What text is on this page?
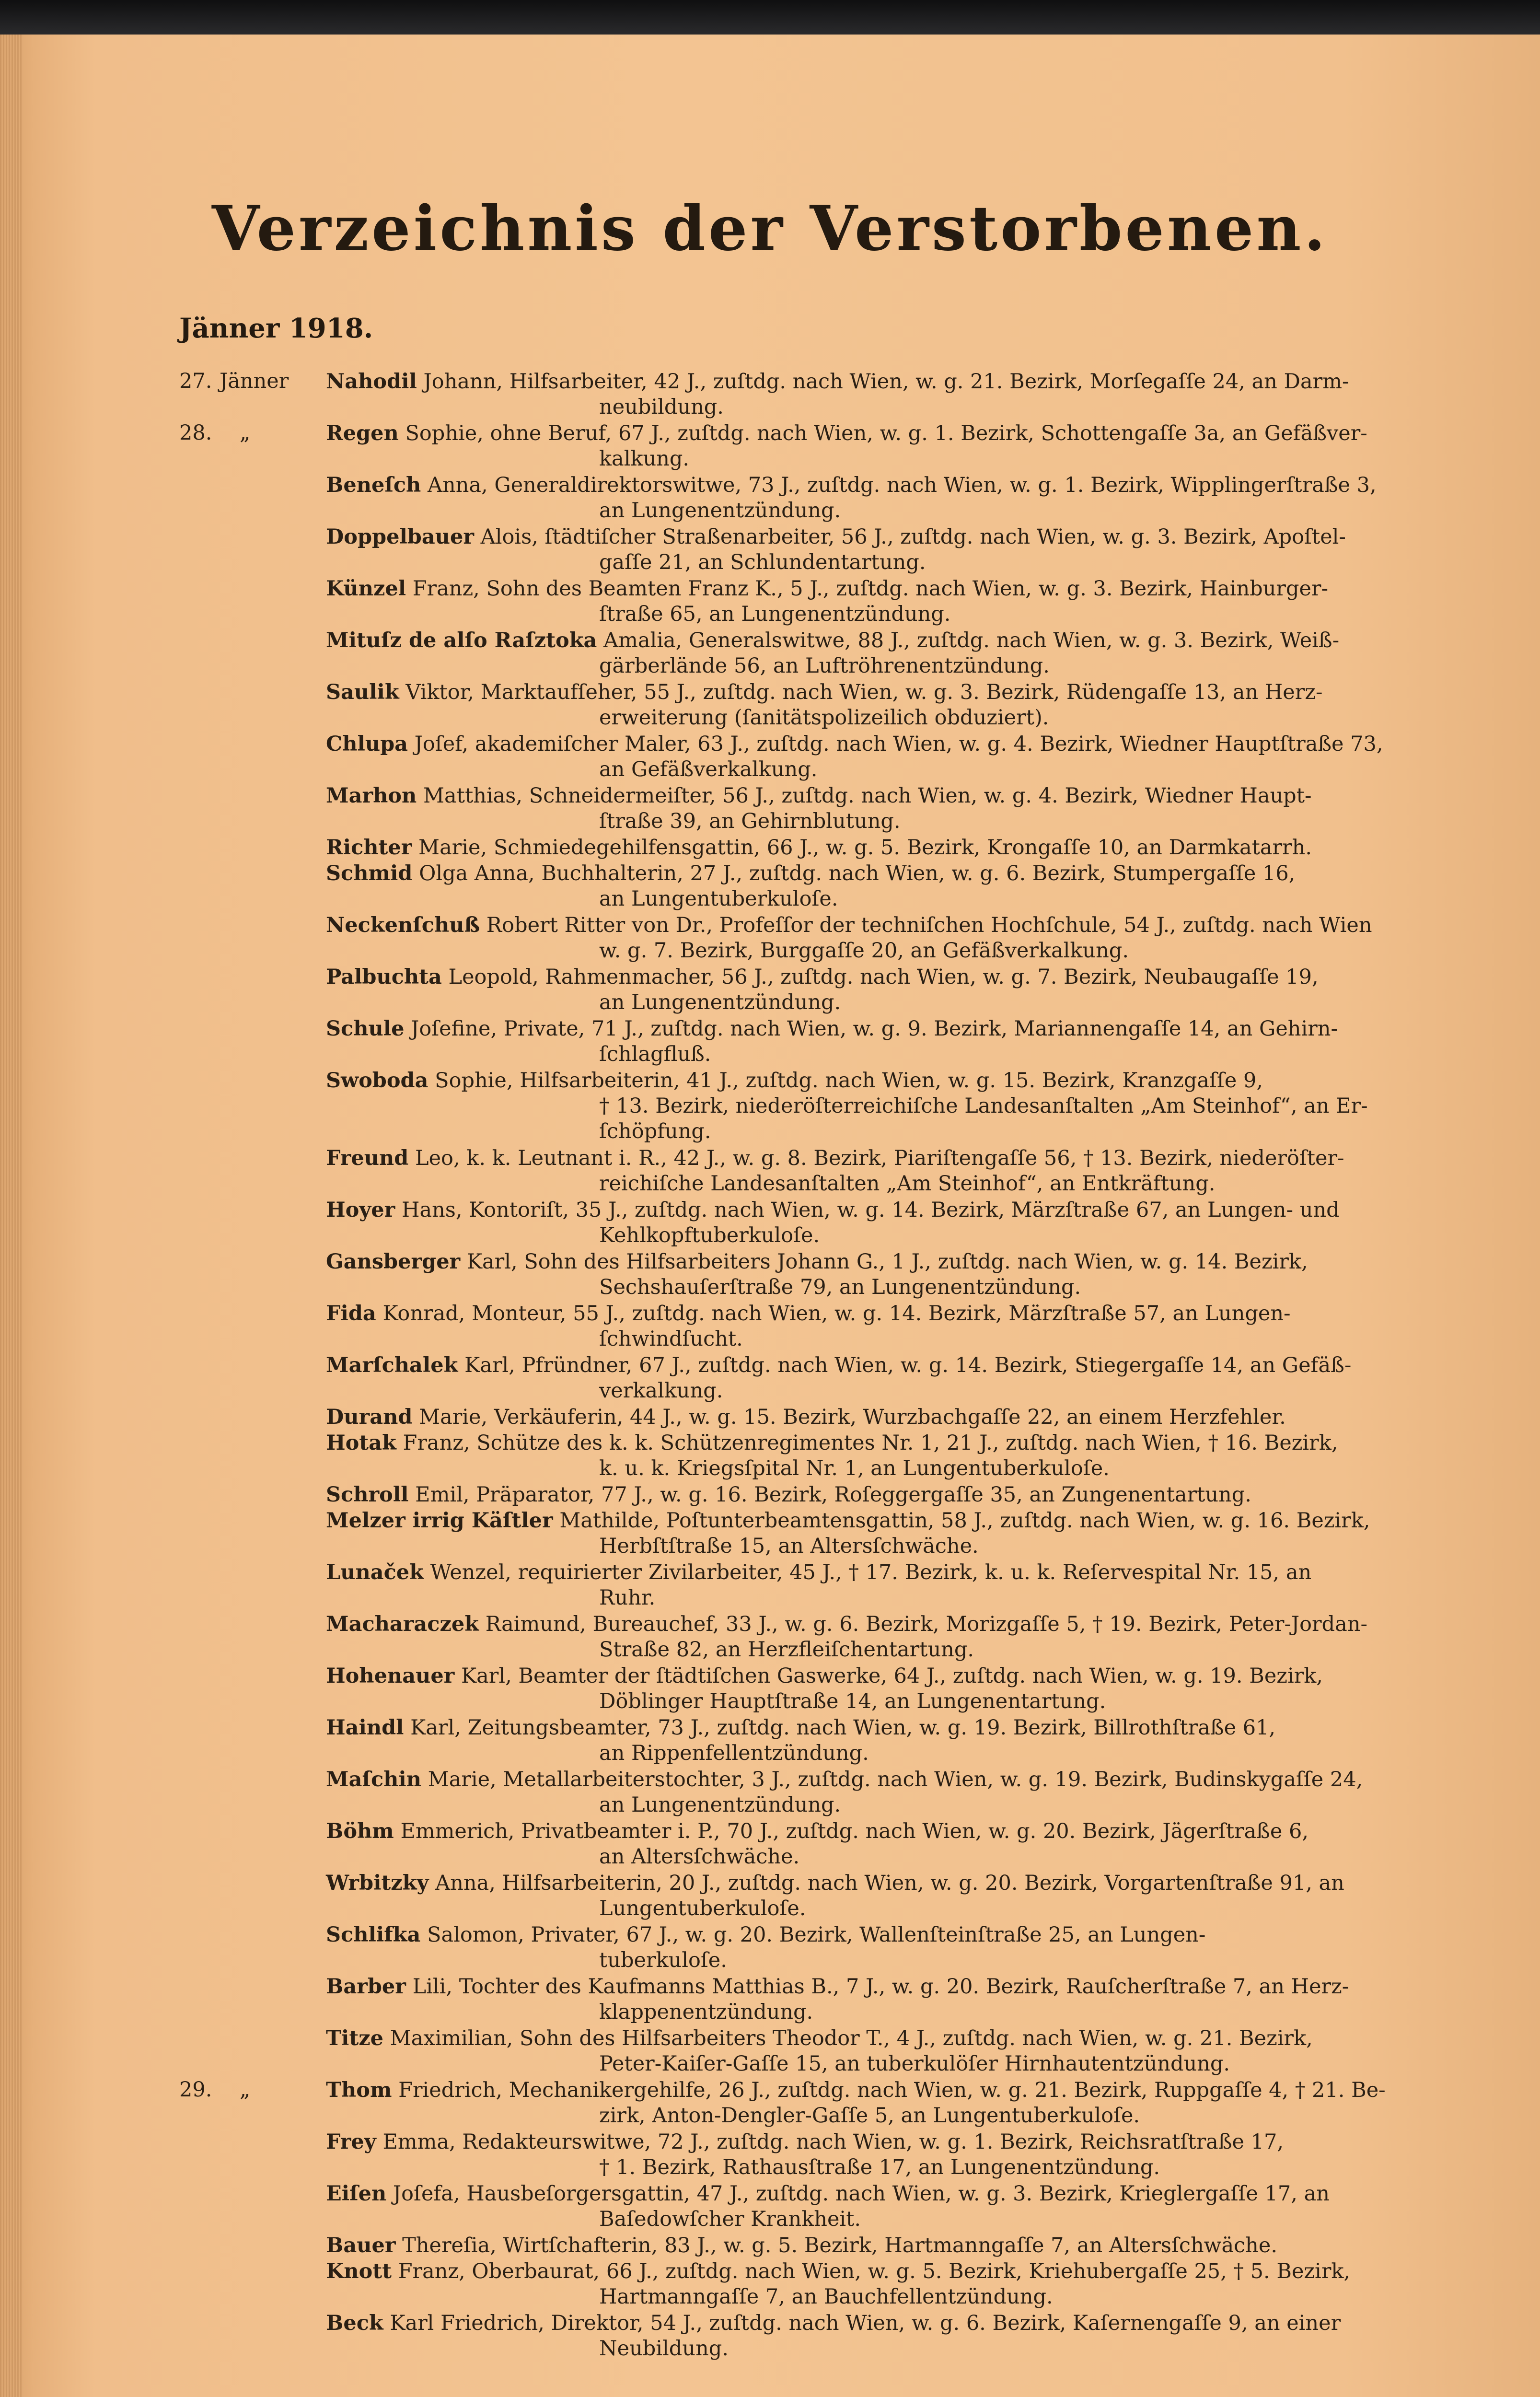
Verzeichnis der Verstorbenen.
Jänner 1918.
Nahodil Johann, Hilfsarbeiter, 42 J., zuſtdg. nach Wien, w. g. 21. Bezirk, Morſegaſſe 24, an Darm-
neubildung.
Regen Sophie, ohne Beruf, 67 J., zuſtdg. nach Wien, w. g. 1. Bezirk, Schottengaſſe 3a, an Gefäßver-
kalkung.
Beneſch Anna, Generaldirektorswitwe, 73 J., zuſtdg. nach Wien, w. g. 1. Bezirk, Wipplingerſtraße 3,
an Lungenentzündung.
Doppelbauer Alois, ſtädtiſcher Straßenarbeiter, 56 J., zuſtdg. nach Wien, w. g. 3. Bezirk, Apoſtel-
gaſſe 21, an Schlundentartung.
Künzel Franz, Sohn des Beamten Franz K., 5 J., zuſtdg. nach Wien, w. g. 3. Bezirk, Hainburger-
ſtraße 65, an Lungenentzündung.
Mituſz de alſo Raſztoka Amalia, Generalswitwe, 88 J., zuſtdg. nach Wien, w. g. 3. Bezirk, Weiß-
gärberlände 56, an Luftröhrenentzündung.
Saulik Viktor, Marktaufſeher, 55 J., zuſtdg. nach Wien, w. g. 3. Bezirk, Rüdengaſſe 13, an Herz-
erweiterung (ſanitätspolizeilich obduziert).
Chlupa Joſef, akademiſcher Maler, 63 J., zuſtdg. nach Wien, w. g. 4. Bezirk, Wiedner Hauptſtraße 73,
an Gefäßverkalkung.
Marhon Matthias, Schneidermeiſter, 56 J., zuſtdg. nach Wien, w. g. 4. Bezirk, Wiedner Haupt-
ſtraße 39, an Gehirnblutung.
Richter Marie, Schmiedegehilfensgattin, 66 J., w. g. 5. Bezirk, Krongaſſe 10, an Darmkatarrh.
Schmid Olga Anna, Buchhalterin, 27 J., zuſtdg. nach Wien, w. g. 6. Bezirk, Stumpergaſſe 16,
an Lungentuberkuloſe.
Neckenſchuß Robert Ritter von Dr., Profeſſor der techniſchen Hochſchule, 54 J., zuſtdg. nach Wien
w. g. 7. Bezirk, Burggaſſe 20, an Gefäßverkalkung.
Palbuchta Leopold, Rahmenmacher, 56 J., zuſtdg. nach Wien, w. g. 7. Bezirk, Neubaugaſſe 19,
an Lungenentzündung.
Schule Joſefine, Private, 71 J., zuſtdg. nach Wien, w. g. 9. Bezirk, Mariannengaſſe 14, an Gehirn-
ſchlagfluß.
Swoboda Sophie, Hilfsarbeiterin, 41 J., zuſtdg. nach Wien, w. g. 15. Bezirk, Kranzgaſſe 9,
† 13. Bezirk, niederöſterreichiſche Landesanſtalten „Am Steinhof“, an Er-
ſchöpfung.
Freund Leo, k. k. Leutnant i. R., 42 J., w. g. 8. Bezirk, Piariſtengaſſe 56, † 13. Bezirk, niederöſter-
reichiſche Landesanſtalten „Am Steinhof“, an Entkräftung.
Hoyer Hans, Kontoriſt, 35 J., zuſtdg. nach Wien, w. g. 14. Bezirk, Märzſtraße 67, an Lungen- und
Kehlkopftuberkuloſe.
Gansberger Karl, Sohn des Hilfsarbeiters Johann G., 1 J., zuſtdg. nach Wien, w. g. 14. Bezirk,
Sechshauſerſtraße 79, an Lungenentzündung.
Fida Konrad, Monteur, 55 J., zuſtdg. nach Wien, w. g. 14. Bezirk, Märzſtraße 57, an Lungen-
ſchwindſucht.
Marſchalek Karl, Pfründner, 67 J., zuſtdg. nach Wien, w. g. 14. Bezirk, Stiegergaſſe 14, an Gefäß-
verkalkung.
Durand Marie, Verkäuferin, 44 J., w. g. 15. Bezirk, Wurzbachgaſſe 22, an einem Herzfehler.
Hotak Franz, Schütze des k. k. Schützenregimentes Nr. 1, 21 J., zuſtdg. nach Wien, † 16. Bezirk,
k. u. k. Kriegsſpital Nr. 1, an Lungentuberkuloſe.
Schroll Emil, Präparator, 77 J., w. g. 16. Bezirk, Roſeggergaſſe 35, an Zungenentartung.
Melzer irrig Käſtler Mathilde, Poſtunterbeamtensgattin, 58 J., zuſtdg. nach Wien, w. g. 16. Bezirk,
Herbſtſtraße 15, an Altersſchwäche.
Lunaček Wenzel, requirierter Zivilarbeiter, 45 J., † 17. Bezirk, k. u. k. Reſervespital Nr. 15, an
Ruhr.
Macharaczek Raimund, Bureauchef, 33 J., w. g. 6. Bezirk, Morizgaſſe 5, † 19. Bezirk, Peter-Jordan-
Straße 82, an Herzfleiſchentartung.
Hohenauer Karl, Beamter der ſtädtiſchen Gaswerke, 64 J., zuſtdg. nach Wien, w. g. 19. Bezirk,
Döblinger Hauptſtraße 14, an Lungenentartung.
Haindl Karl, Zeitungsbeamter, 73 J., zuſtdg. nach Wien, w. g. 19. Bezirk, Billrothſtraße 61,
an Rippenfellentzündung.
Maſchin Marie, Metallarbeiterstochter, 3 J., zuſtdg. nach Wien, w. g. 19. Bezirk, Budinskygaſſe 24,
an Lungenentzündung.
Böhm Emmerich, Privatbeamter i. P., 70 J., zuſtdg. nach Wien, w. g. 20. Bezirk, Jägerſtraße 6,
an Altersſchwäche.
Wrbitzky Anna, Hilfsarbeiterin, 20 J., zuſtdg. nach Wien, w. g. 20. Bezirk, Vorgartenſtraße 91, an
Lungentuberkuloſe.
Schlifka Salomon, Privater, 67 J., w. g. 20. Bezirk, Wallenſteinſtraße 25, an Lungen-
tuberkuloſe.
Barber Lili, Tochter des Kaufmanns Matthias B., 7 J., w. g. 20. Bezirk, Rauſcherſtraße 7, an Herz-
klappenentzündung.
Titze Maximilian, Sohn des Hilfsarbeiters Theodor T., 4 J., zuſtdg. nach Wien, w. g. 21. Bezirk,
Peter-Kaiſer-Gaſſe 15, an tuberkulöſer Hirnhautentzündung.
Thom Friedrich, Mechanikergehilfe, 26 J., zuſtdg. nach Wien, w. g. 21. Bezirk, Ruppgaſſe 4, † 21. Be-
zirk, Anton-Dengler-Gaſſe 5, an Lungentuberkuloſe.
Frey Emma, Redakteurswitwe, 72 J., zuſtdg. nach Wien, w. g. 1. Bezirk, Reichsratſtraße 17,
† 1. Bezirk, Rathausſtraße 17, an Lungenentzündung.
Eiſen Joſefa, Hausbeſorgersgattin, 47 J., zuſtdg. nach Wien, w. g. 3. Bezirk, Krieglergaſſe 17, an
Baſedowſcher Krankheit.
Bauer Thereſia, Wirtſchafterin, 83 J., w. g. 5. Bezirk, Hartmanngaſſe 7, an Altersſchwäche.
Knott Franz, Oberbaurat, 66 J., zuſtdg. nach Wien, w. g. 5. Bezirk, Kriehubergaſſe 25, † 5. Bezirk,
Hartmanngaſſe 7, an Bauchfellentzündung.
Beck Karl Friedrich, Direktor, 54 J., zuſtdg. nach Wien, w. g. 6. Bezirk, Kaſernengaſſe 9, an einer
Neubildung.
27. Jänner
28. „
29. „
